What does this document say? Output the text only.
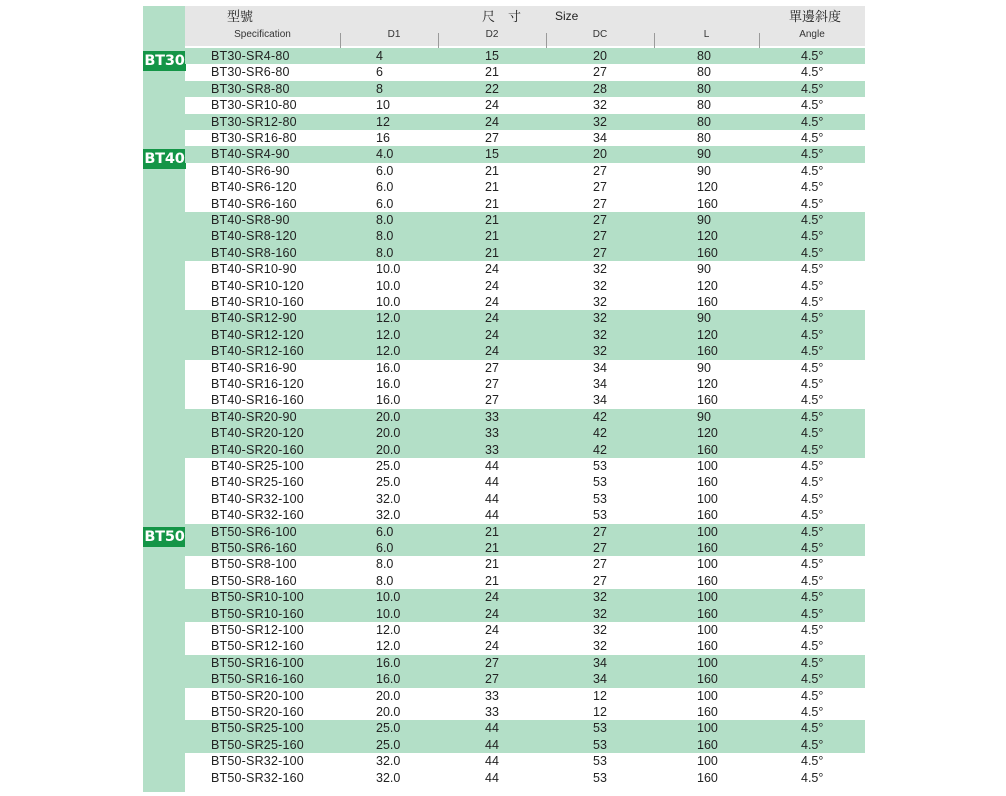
BT30
BT40
BT50
型號	尺　寸	Size	單邊斜度
Specification	D1	D2	DC	L	Angle
BT30-SR4-80	4	15	20	80	4.5°
BT30-SR6-80	6	21	27	80	4.5°
BT30-SR8-80	8	22	28	80	4.5°
BT30-SR10-80	10	24	32	80	4.5°
BT30-SR12-80	12	24	32	80	4.5°
BT30-SR16-80	16	27	34	80	4.5°
BT40-SR4-90	4.0	15	20	90	4.5°
BT40-SR6-90	6.0	21	27	90	4.5°
BT40-SR6-120	6.0	21	27	120	4.5°
BT40-SR6-160	6.0	21	27	160	4.5°
BT40-SR8-90	8.0	21	27	90	4.5°
BT40-SR8-120	8.0	21	27	120	4.5°
BT40-SR8-160	8.0	21	27	160	4.5°
BT40-SR10-90	10.0	24	32	90	4.5°
BT40-SR10-120	10.0	24	32	120	4.5°
BT40-SR10-160	10.0	24	32	160	4.5°
BT40-SR12-90	12.0	24	32	90	4.5°
BT40-SR12-120	12.0	24	32	120	4.5°
BT40-SR12-160	12.0	24	32	160	4.5°
BT40-SR16-90	16.0	27	34	90	4.5°
BT40-SR16-120	16.0	27	34	120	4.5°
BT40-SR16-160	16.0	27	34	160	4.5°
BT40-SR20-90	20.0	33	42	90	4.5°
BT40-SR20-120	20.0	33	42	120	4.5°
BT40-SR20-160	20.0	33	42	160	4.5°
BT40-SR25-100	25.0	44	53	100	4.5°
BT40-SR25-160	25.0	44	53	160	4.5°
BT40-SR32-100	32.0	44	53	100	4.5°
BT40-SR32-160	32.0	44	53	160	4.5°
BT50-SR6-100	6.0	21	27	100	4.5°
BT50-SR6-160	6.0	21	27	160	4.5°
BT50-SR8-100	8.0	21	27	100	4.5°
BT50-SR8-160	8.0	21	27	160	4.5°
BT50-SR10-100	10.0	24	32	100	4.5°
BT50-SR10-160	10.0	24	32	160	4.5°
BT50-SR12-100	12.0	24	32	100	4.5°
BT50-SR12-160	12.0	24	32	160	4.5°
BT50-SR16-100	16.0	27	34	100	4.5°
BT50-SR16-160	16.0	27	34	160	4.5°
BT50-SR20-100	20.0	33	12	100	4.5°
BT50-SR20-160	20.0	33	12	160	4.5°
BT50-SR25-100	25.0	44	53	100	4.5°
BT50-SR25-160	25.0	44	53	160	4.5°
BT50-SR32-100	32.0	44	53	100	4.5°
BT50-SR32-160	32.0	44	53	160	4.5°
